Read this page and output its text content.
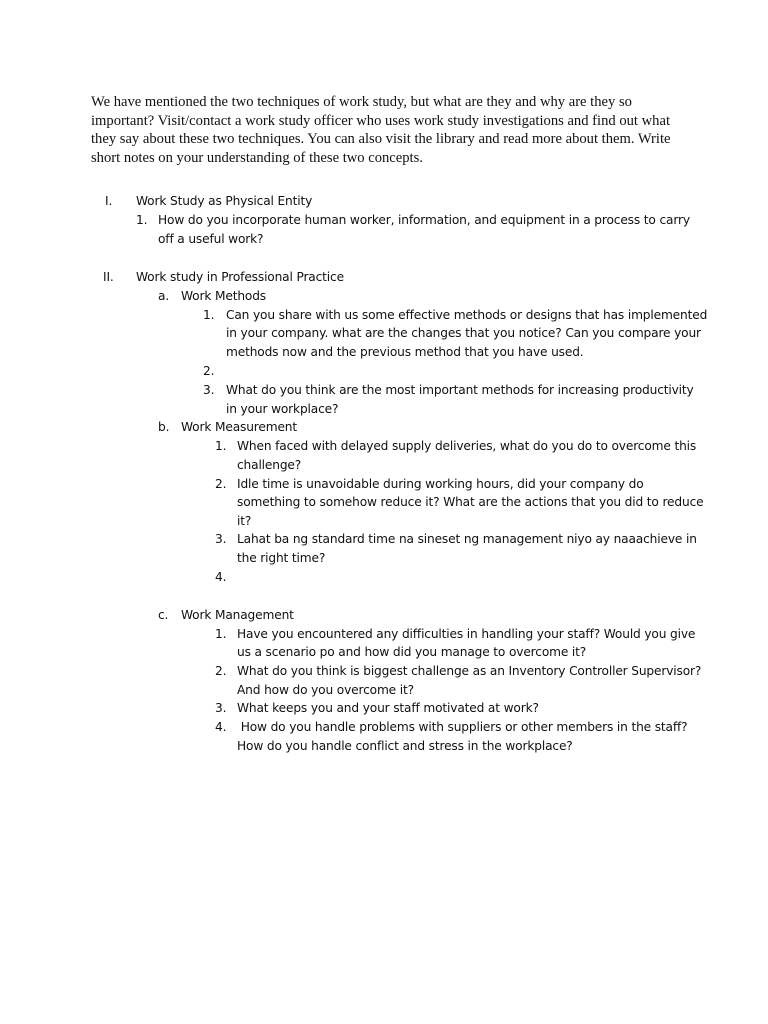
We have mentioned the two techniques of work study, but what are they and why are they so important? Visit/contact a work study officer who uses work study investigations and find out what they say about these two techniques. You can also visit the library and read more about them. Write short notes on your understanding of these two concepts.

I. Work Study as Physical Entity
1. How do you incorporate human worker, information, and equipment in a process to carry
off a useful work?
II. Work study in Professional Practice
a. Work Methods
1. Can you share with us some effective methods or designs that has implemented
in your company. what are the changes that you notice? Can you compare your
methods now and the previous method that you have used.
2.
3. What do you think are the most important methods for increasing productivity
in your workplace?
b. Work Measurement
1. When faced with delayed supply deliveries, what do you do to overcome this
challenge?
2. Idle time is unavoidable during working hours, did your company do
something to somehow reduce it? What are the actions that you did to reduce
it?
3. Lahat ba ng standard time na sineset ng management niyo ay naaachieve in
the right time?
4.
c. Work Management
1. Have you encountered any difficulties in handling your staff? Would you give
us a scenario po and how did you manage to overcome it?
2. What do you think is biggest challenge as an Inventory Controller Supervisor?
And how do you overcome it?
3. What keeps you and your staff motivated at work?
4. How do you handle problems with suppliers or other members in the staff?
How do you handle conflict and stress in the workplace?
